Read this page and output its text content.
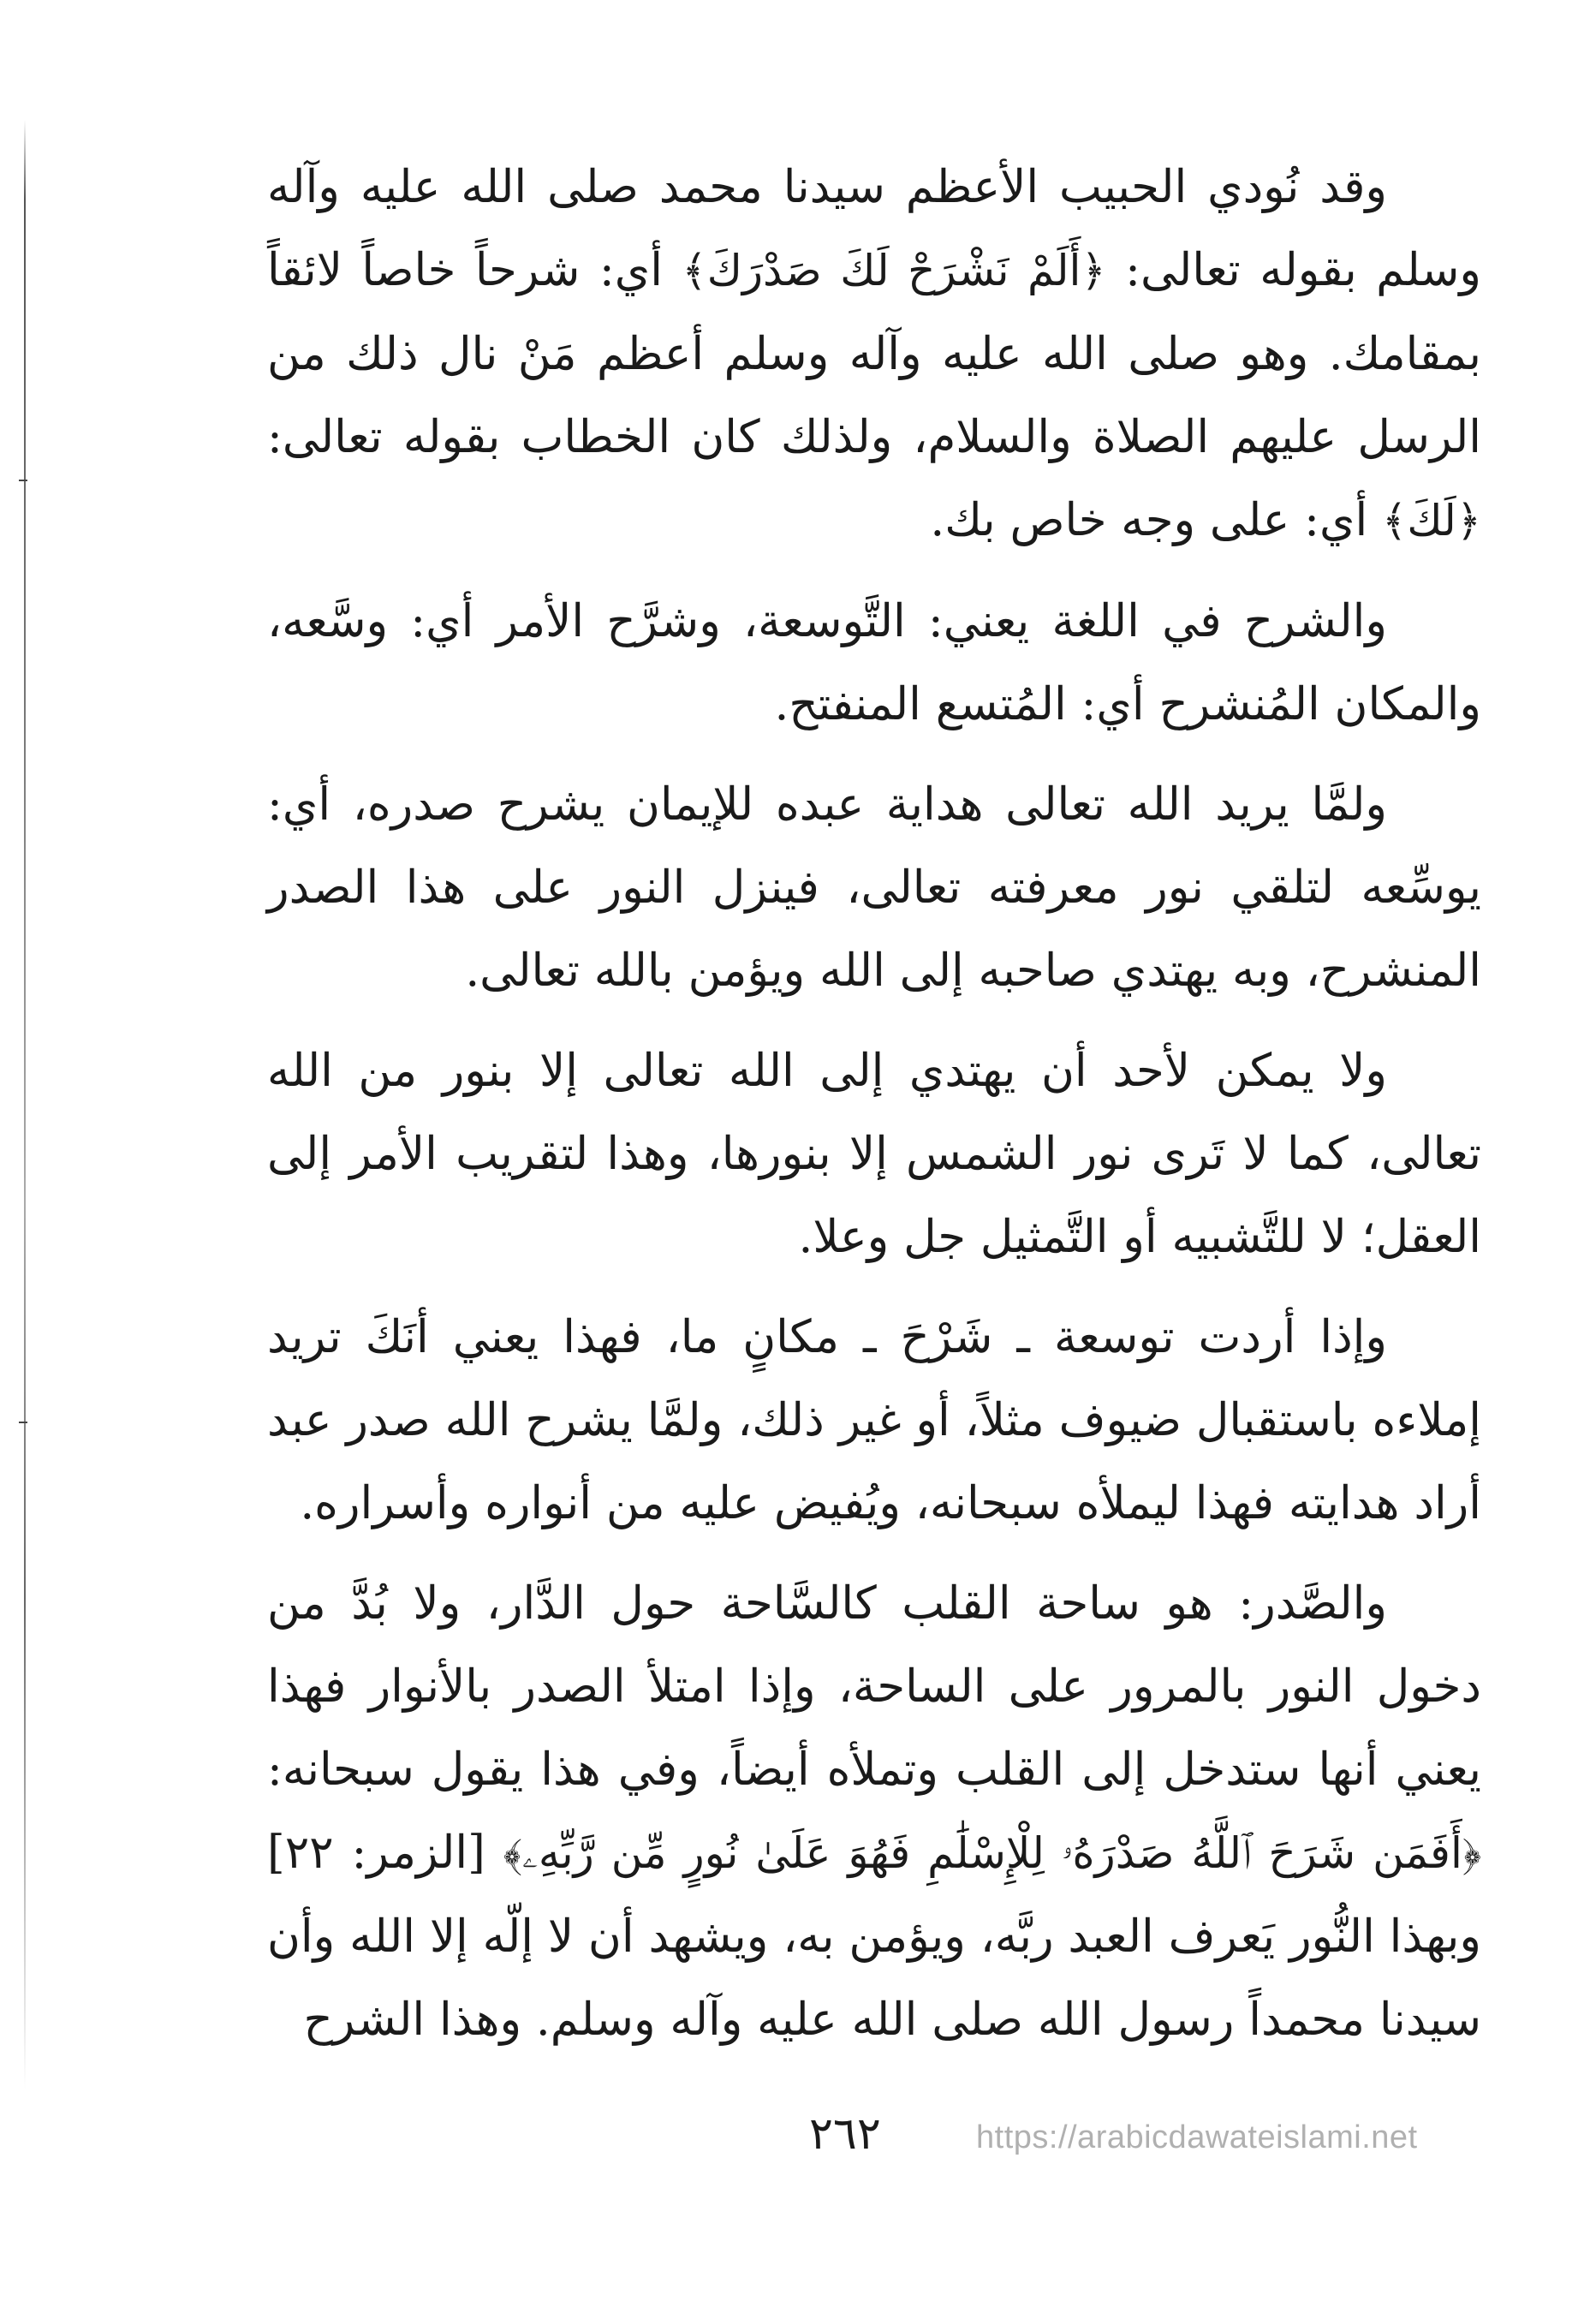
وقد نُودي الحبيب الأعظم سيدنا محمد صلى الله عليه وآله وسلم بقوله تعالى: ﴿أَلَمْ نَشْرَحْ لَكَ صَدْرَكَ﴾ أي: شرحاً خاصاً لائقاً بمقامك. وهو صلى الله عليه وآله وسلم أعظم مَنْ نال ذلك من الرسل عليهم الصلاة والسلام، ولذلك كان الخطاب بقوله تعالى: ﴿لَكَ﴾ أي: على وجه خاص بك.

والشرح في اللغة يعني: التَّوسعة، وشرَّح الأمر أي: وسَّعه، والمكان المُنشرح أي: المُتسع المنفتح.

ولمَّا يريد الله تعالى هداية عبده للإيمان يشرح صدره، أي: يوسِّعه لتلقي نور معرفته تعالى، فينزل النور على هذا الصدر المنشرح، وبه يهتدي صاحبه إلى الله ويؤمن بالله تعالى.

ولا يمكن لأحد أن يهتدي إلى الله تعالى إلا بنور من الله تعالى، كما لا تَرى نور الشمس إلا بنورها، وهذا لتقريب الأمر إلى العقل؛ لا للتَّشبيه أو التَّمثيل جل وعلا.

وإذا أردت توسعة ـ شَرْحَ ـ مكانٍ ما، فهذا يعني أنَكَ تريد إملاءه باستقبال ضيوف مثلاً، أو غير ذلك، ولمَّا يشرح الله صدر عبد أراد هدايته فهذا ليملأه سبحانه، ويُفيض عليه من أنواره وأسراره.

والصَّدر: هو ساحة القلب كالسَّاحة حول الدَّار، ولا بُدَّ من دخول النور بالمرور على الساحة، وإذا امتلأ الصدر بالأنوار فهذا يعني أنها ستدخل إلى القلب وتملأه أيضاً، وفي هذا يقول سبحانه: ﴿أَفَمَن شَرَحَ ٱللَّهُ صَدْرَهُۥ لِلْإِسْلَٰمِ فَهُوَ عَلَىٰ نُورٍ مِّن رَّبِّهِۦ﴾ [الزمر: ٢٢] وبهذا النُّور يَعرف العبد ربَّه، ويؤمن به، ويشهد أن لا إلّه إلا الله وأن سيدنا محمداً رسول الله صلى الله عليه وآله وسلم. وهذا الشرح

٢٦٢	https://arabicdawateislami.net
